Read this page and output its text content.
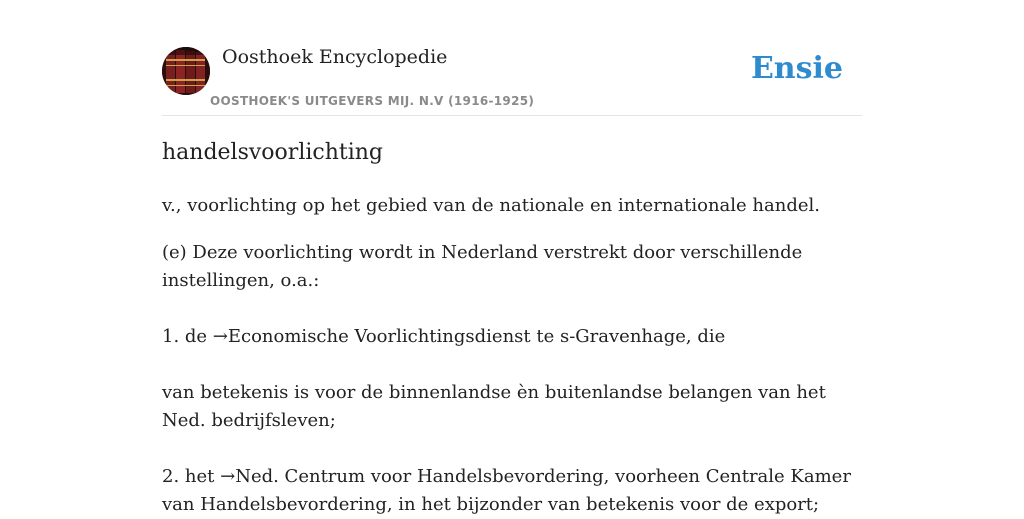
Oosthoek Encyclopedie
OOSTHOEK'S UITGEVERS MIJ. N.V (1916-1925)
Ensie
handelsvoorlichting

v., voorlichting op het gebied van de nationale en internationale handel.

(e) Deze voorlichting wordt in Nederland verstrekt door verschillende instellingen, o.a.:

1. de →Economische Voorlichtingsdienst te s-Gravenhage, die

van betekenis is voor de binnenlandse èn buitenlandse belangen van het Ned. bedrijfsleven;

2. het →Ned. Centrum voor Handelsbevordering, voorheen Centrale Kamer van Handelsbevordering, in het bijzonder van betekenis voor de export;
